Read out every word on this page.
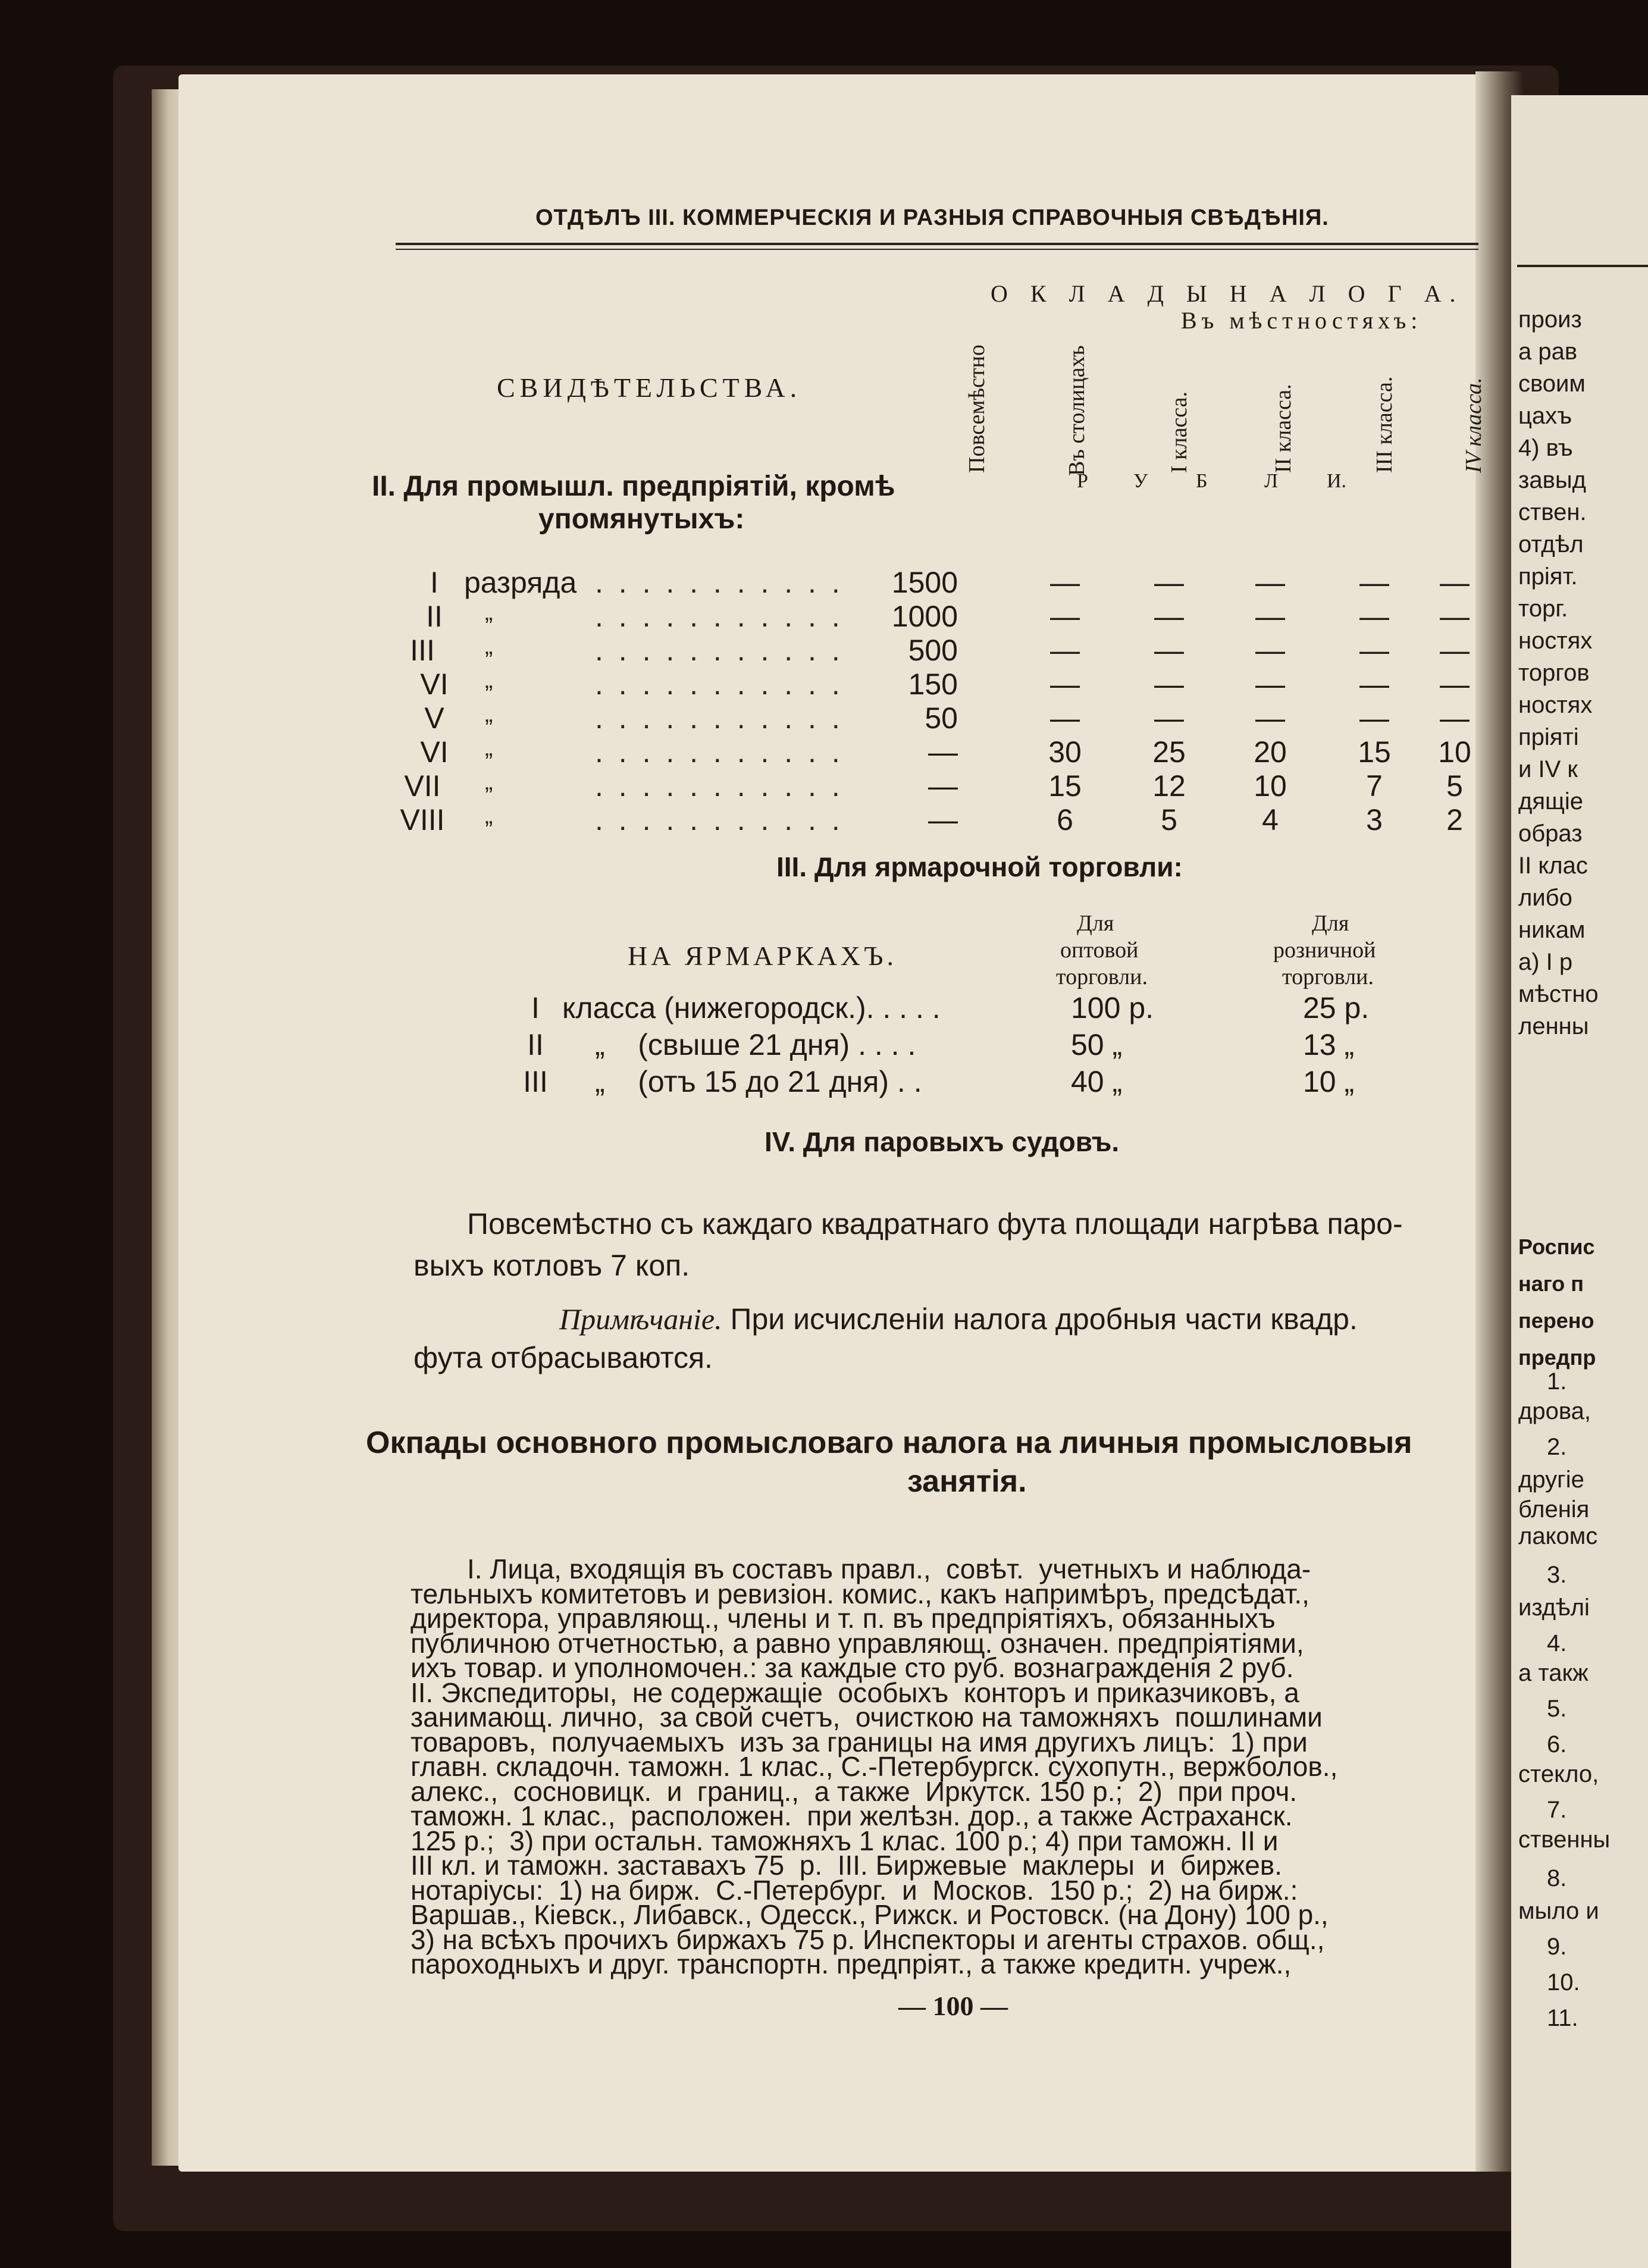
ОТДѢЛЪ III. КОММЕРЧЕСКІЯ И РАЗНЫЯ СПРАВОЧНЫЯ СВѢДѢНІЯ.
О К Л А Д Ы Н А Л О Г А.
Въ мѣстностяхъ:
СВИДѢТЕЛЬСТВА.	Повсемѣстно	Въ столицахъ	I класса.	II класса.	III класса.	IV класса.
Р У Б	Л И.
II. Для промышл. предпріятій, кромѣ
упомянутыхъ:
I разряда . . . . . . . . . . . 1500	—	—	—	—	—
II	„	. . . . . . . . . . . 1000	—	—	—	—	—
III	„	. . . . . . . . . . .	500	—	—	—	—	—
VI	„	. . . . . . . . . . .	150	—	—	—	—	—
V	„	. . . . . . . . . . .	50	—	—	—	—	—
VI	„	. . . . . . . . . . .	—	30	25	20	15	10
VII „	. . . . . . . . . . .	—	15	12	10	7	5
VIII „	. . . . . . . . . . .	—	6	5	4	3	2
III. Для ярмарочной торговли:
НА ЯРМАРКАХЪ.
Для
оптовой
торговли.
Для
розничной
торговли.
I класса (нижегородск.). . . . .	100 р.	25 р.
II	„    (свыше 21 дня) . . . .	50 „	13 „
III „    (отъ 15 до 21 дня) . .	40 „	10 „
IV. Для паровыхъ судовъ.
Повсемѣстно съ каждаго квадратнаго фута площади нагрѣва паро-
выхъ котловъ 7 коп.
Примѣчаніе. При исчисленіи налога дробныя части квадр.
фута отбрасываются.
Окпады основного промысловаго налога на личныя промысловыя
занятія.
I. Лица, входящія въ составъ правл.,  совѣт.  учетныхъ и наблюда-
тельныхъ комитетовъ и ревизіон. комис., какъ напримѣръ, предсѣдат.,
директора, управляющ., члены и т. п. въ предпріятіяхъ, обязанныхъ
публичною отчетностью, а равно управляющ. означен. предпріятіями,
ихъ товар. и уполномочен.: за каждые сто руб. вознагражденія 2 руб.
II. Экспедиторы,  не содержащіе  особыхъ  конторъ и приказчиковъ, а
занимающ. лично,  за свой счетъ,  очисткою на таможняхъ  пошлинами
товаровъ,  получаемыхъ  изъ за границы на имя другихъ лицъ:  1) при
главн. складочн. таможн. 1 клас., С.-Петербургск. сухопутн., вержболов.,
алекс.,  сосновицк.  и  границ.,  а также  Иркутск. 150 р.;  2)  при проч.
таможн. 1 клас.,  расположен.  при желѣзн. дор., а также Астраханск.
125 р.;  3) при остальн. таможняхъ 1 клас. 100 р.; 4) при таможн. II и
III кл. и таможн. заставахъ 75  р.  III. Биржевые  маклеры  и  биржев.
нотаріусы:  1) на бирж.  С.-Петербург.  и  Москов.  150 р.;  2) на бирж.:
Варшав., Кіевск., Либавск., Одесск., Рижск. и Ростовск. (на Дону) 100 р.,
3) на всѣхъ прочихъ биржахъ 75 р. Инспекторы и агенты страхов. общ.,
пароходныхъ и друг. транспортн. предпріят., а также кредитн. учреж.,
— 100 —
произ
а рав
своим
цахъ
4) въ
завыд
ствен.
отдѣл
пріят.
торг.
ностях
торгов
ностях
пріяті
и IV к
дящіе
образ
II клас
либо
никам
а) I р
мѣстно
ленны
Роспис
наго п
перено
предпр
1.
дрова,
2.
другіе
бленія
лакомс
3.
издѣлі
4.
а такж
5.
6.
стекло,
7.
ственны
8.
мыло и
9.
10.
11.
